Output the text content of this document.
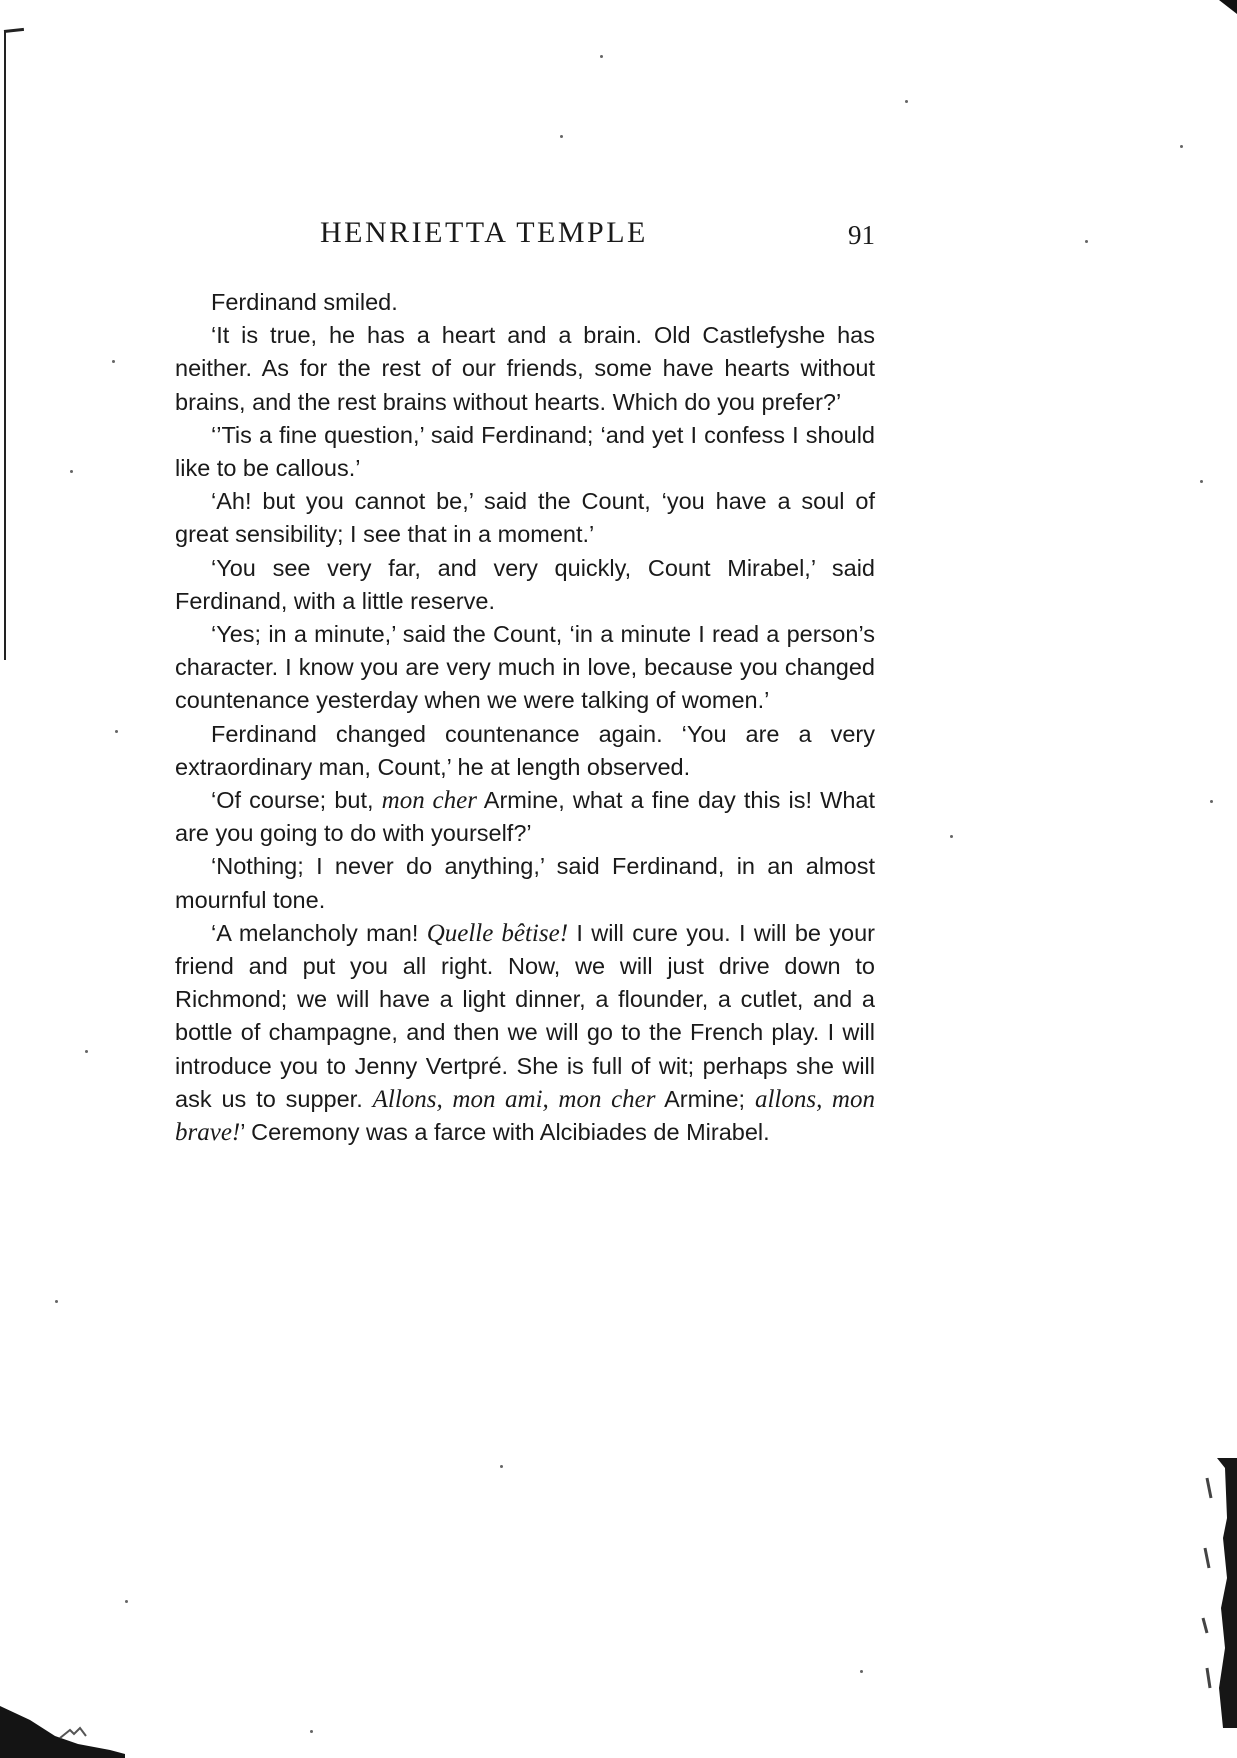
HENRIETTA TEMPLE	91

Ferdinand smiled.

‘It is true, he has a heart and a brain. Old Castlefyshe has neither. As for the rest of our friends, some have hearts without brains, and the rest brains without hearts. Which do you prefer?’

‘’Tis a fine question,’ said Ferdinand; ‘and yet I confess I should like to be callous.’

‘Ah! but you cannot be,’ said the Count, ‘you have a soul of great sensibility; I see that in a moment.’

‘You see very far, and very quickly, Count Mirabel,’ said Ferdinand, with a little reserve.

‘Yes; in a minute,’ said the Count, ‘in a minute I read a person’s character. I know you are very much in love, because you changed countenance yesterday when we were talking of women.’

Ferdinand changed countenance again. ‘You are a very extraordinary man, Count,’ he at length observed.

‘Of course; but, mon cher Armine, what a fine day this is! What are you going to do with yourself?’

‘Nothing; I never do anything,’ said Ferdinand, in an almost mournful tone.

‘A melancholy man! Quelle bêtise! I will cure you. I will be your friend and put you all right. Now, we will just drive down to Richmond; we will have a light dinner, a flounder, a cutlet, and a bottle of champagne, and then we will go to the French play. I will introduce you to Jenny Vertpré. She is full of wit; perhaps she will ask us to supper. Allons, mon ami, mon cher Armine; allons, mon brave!’ Ceremony was a farce with Alcibiades de Mirabel.
